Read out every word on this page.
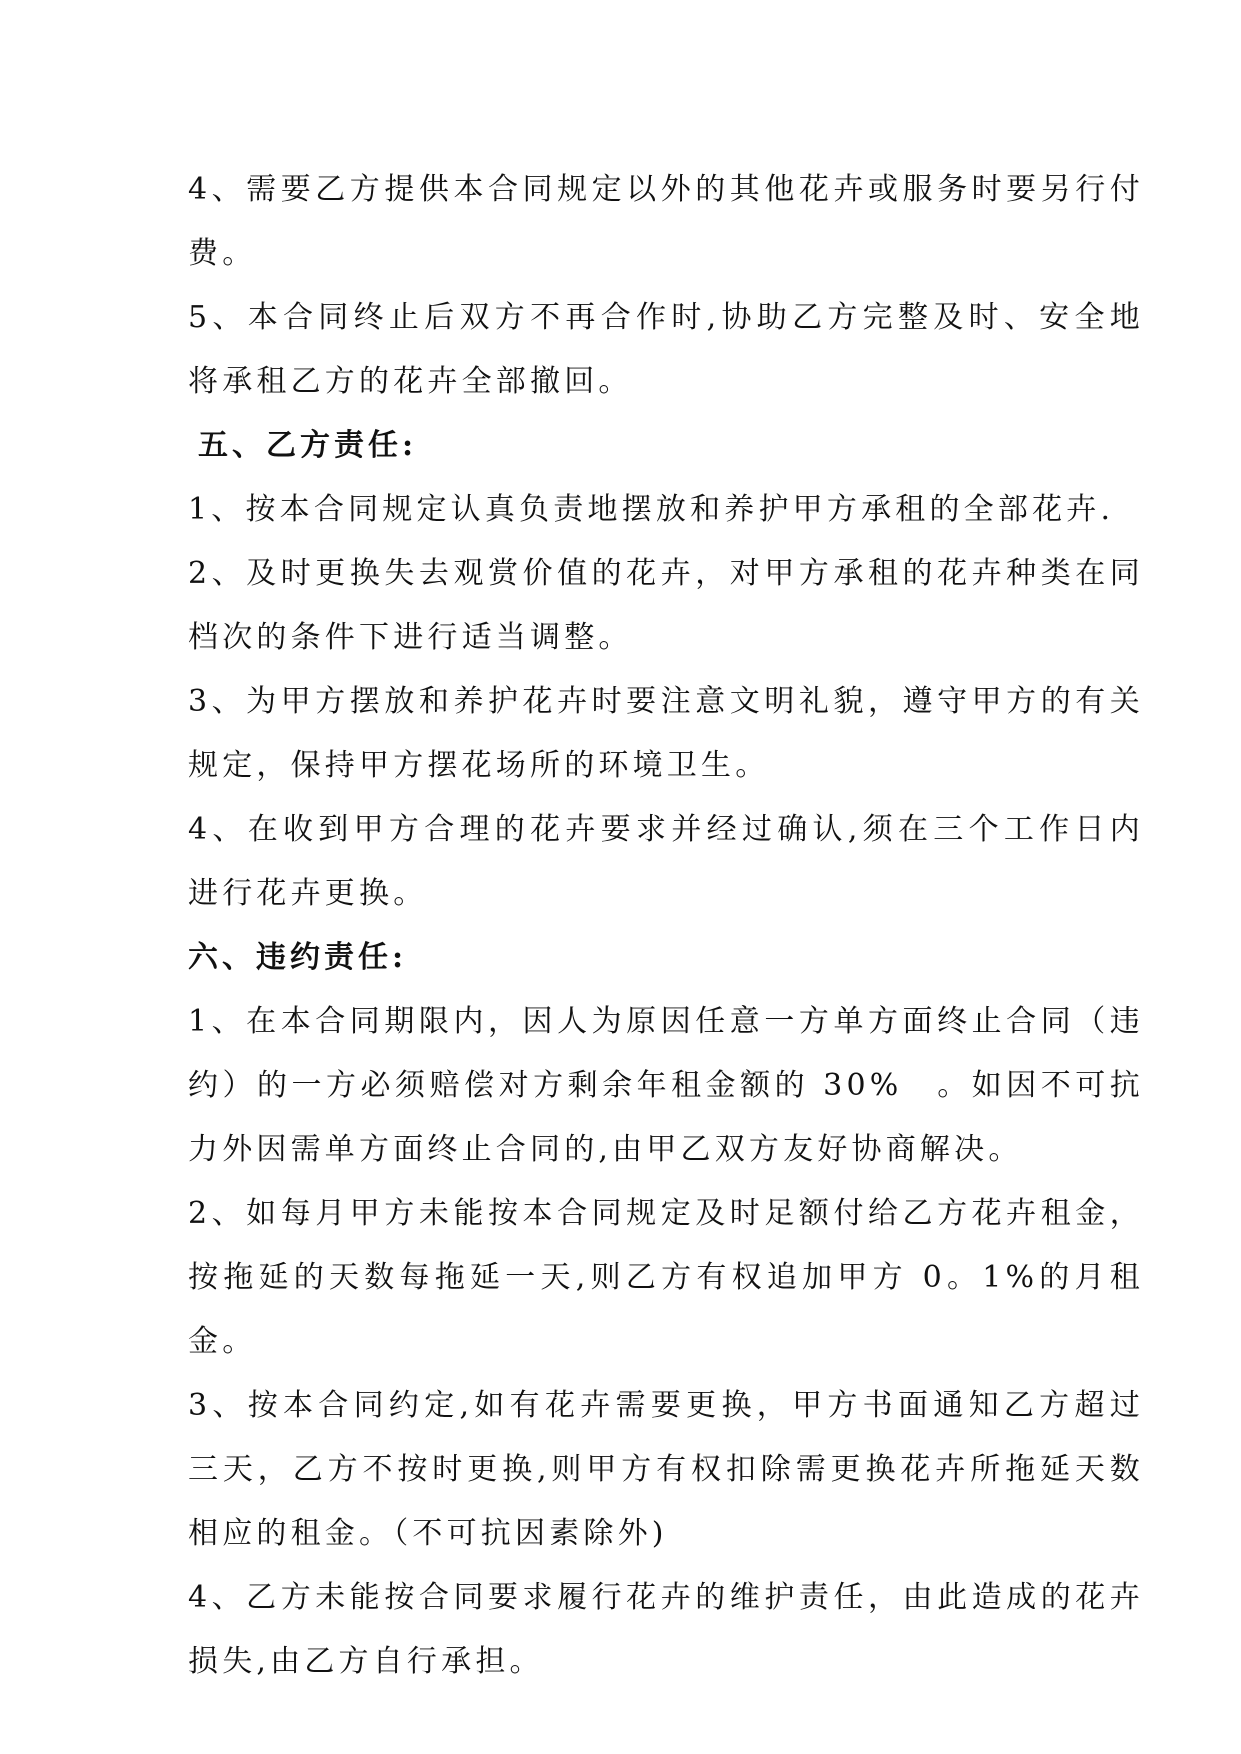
4、需要乙方提供本合同规定以外的其他花卉或服务时要另行付费。

5、本合同终止后双方不再合作时,协助乙方完整及时、安全地将承租乙方的花卉全部撤回。

五、乙方责任:

1、按本合同规定认真负责地摆放和养护甲方承租的全部花卉.

2、及时更换失去观赏价值的花卉，对甲方承租的花卉种类在同档次的条件下进行适当调整。

3、为甲方摆放和养护花卉时要注意文明礼貌，遵守甲方的有关规定，保持甲方摆花场所的环境卫生。

4、在收到甲方合理的花卉要求并经过确认,须在三个工作日内进行花卉更换。

六、违约责任:

1、在本合同期限内，因人为原因任意一方单方面终止合同（违约）的一方必须赔偿对方剩余年租金额的 30%　。如因不可抗力外因需单方面终止合同的,由甲乙双方友好协商解决。

2、如每月甲方未能按本合同规定及时足额付给乙方花卉租金，按拖延的天数每拖延一天,则乙方有权追加甲方 0。1%的月租金。

3、按本合同约定,如有花卉需要更换，甲方书面通知乙方超过三天，乙方不按时更换,则甲方有权扣除需更换花卉所拖延天数相应的租金。（不可抗因素除外)

4、乙方未能按合同要求履行花卉的维护责任，由此造成的花卉损失,由乙方自行承担。
